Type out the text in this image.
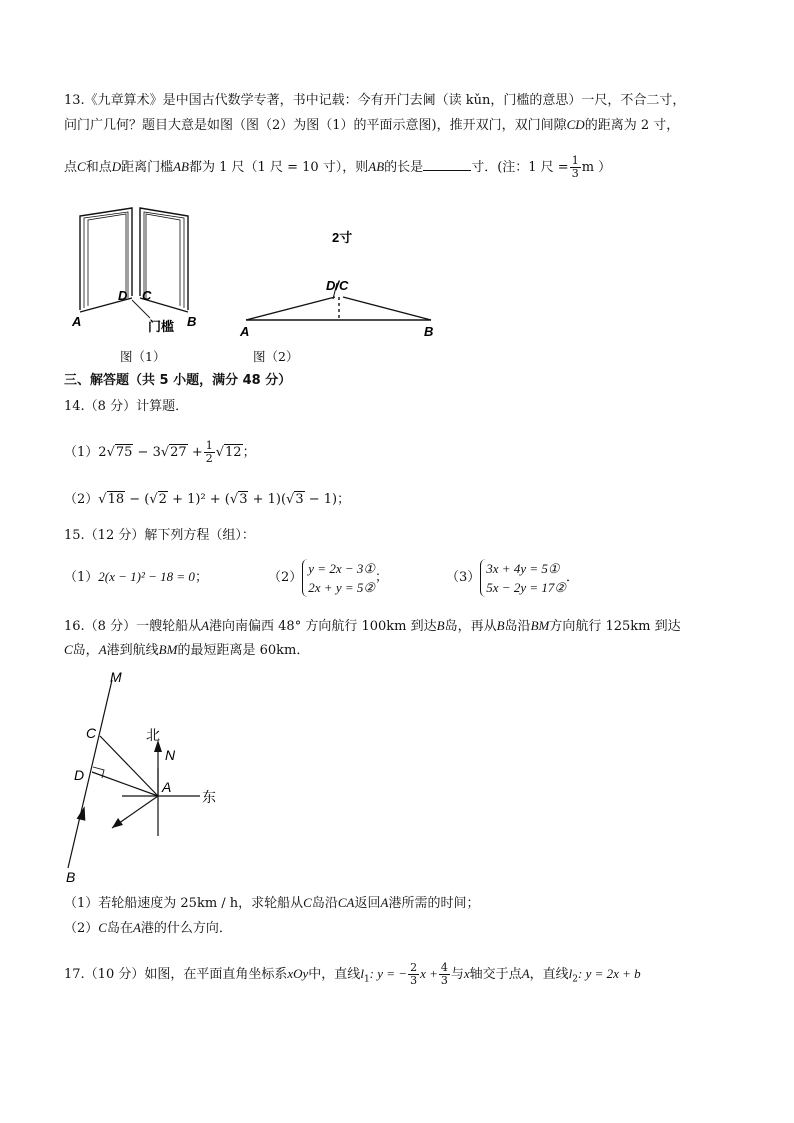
13.《九章算术》是中国古代数学专著，书中记载：今有开门去阃（读 kǔn，门槛的意思）一尺，不合二寸，
问门广几何？题目大意是如图（图（2）为图（1）的平面示意图)，推开双门，双门间隙CD的距离为 2 寸，
点C和点D距离门槛AB都为 1 尺（1 尺 = 10 寸），则AB的长是	寸．(注：1 尺 = $\frac{1}{3}$ m ）
D C
A	门槛 B
图（1）
2寸
D/C
A	B
图（2）
三、解答题（共 5 小题，满分 48 分）
14.（8 分）计算题．
$(1)2√75 - 3√27 + \frac{1}{2} √12$；
（2）√18 − (√2 + 1)² + (√3 + 1)(√3 − 1)；
15.（12 分）解下列方程（组）：
（1）2(x − 1)² − 18 = 0；	（2）
y = 2x − 3①
2x + y = 5②
；	（3）
3x + 4y = 5①
5x − 2y = 17②
．
16.（8 分）一艘轮船从A港向南偏西 48° 方向航行 100km 到达B岛，再从B岛沿BM方向航行 125km 到达
C岛，A港到航线BM的最短距离是 60km．
M
C
D
A
B
N
北
东
（1）若轮船速度为 25km / h，求轮船从C岛沿CA返回A港所需的时间；
（2）C岛在A港的什么方向．
17.（10 分）如图，在平面直角坐标系xOy中，直线$l_1$: y = − $\frac{2}{3}$ $x + \frac{4}{3}$ 与x轴交于点A，直线$l_2$: y = 2x + b
